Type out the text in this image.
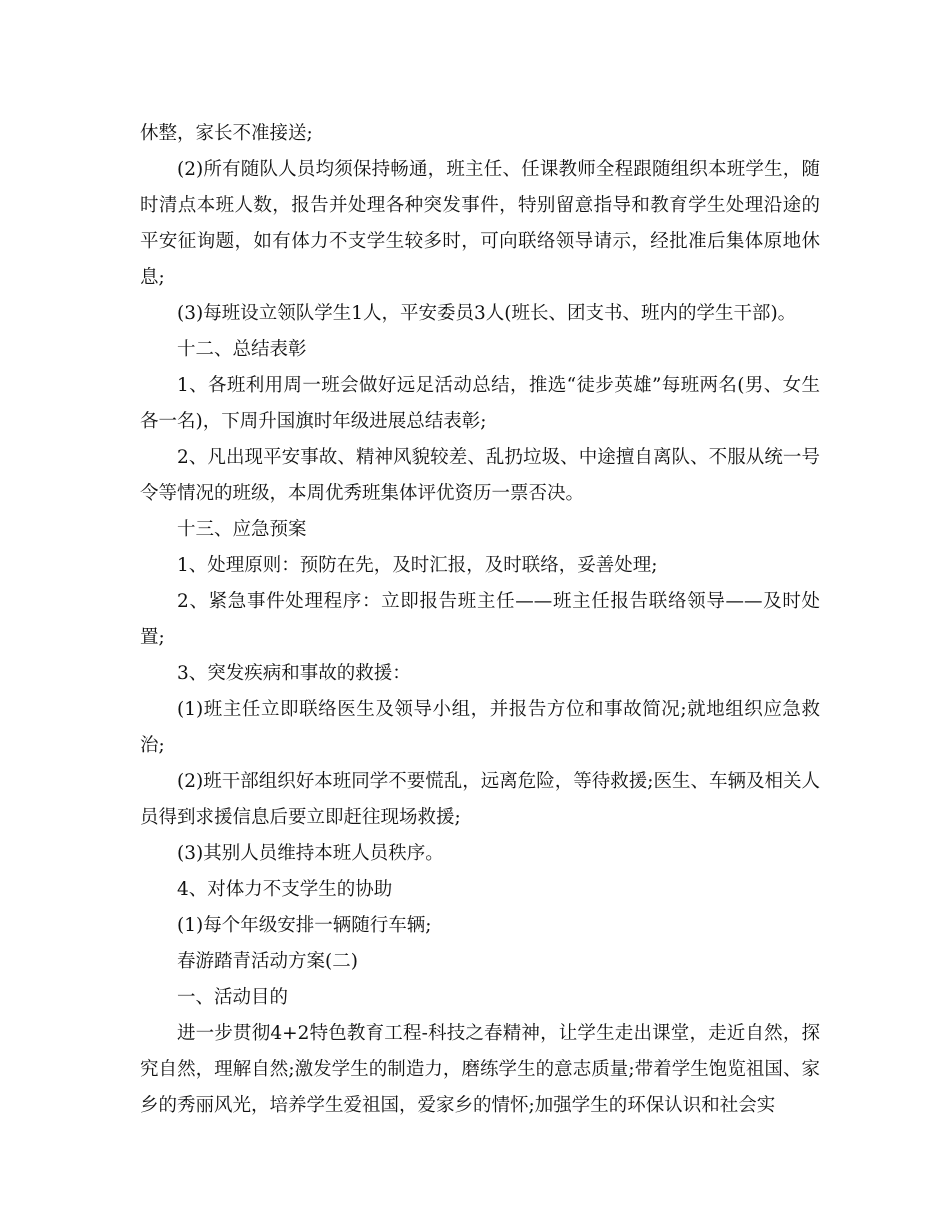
休整，家长不准接送;

(2)所有随队人员均须保持畅通，班主任、任课教师全程跟随组织本班学生，随时清点本班人数，报告并处理各种突发事件，特别留意指导和教育学生处理沿途的平安征询题，如有体力不支学生较多时，可向联络领导请示，经批准后集体原地休息;

(3)每班设立领队学生1人，平安委员3人(班长、团支书、班内的学生干部)。

十二、总结表彰

1、各班利用周一班会做好远足活动总结，推选“徒步英雄”每班两名(男、女生各一名)，下周升国旗时年级进展总结表彰;

2、凡出现平安事故、精神风貌较差、乱扔垃圾、中途擅自离队、不服从统一号令等情况的班级，本周优秀班集体评优资历一票否决。

十三、应急预案

1、处理原则：预防在先，及时汇报，及时联络，妥善处理;

2、紧急事件处理程序：立即报告班主任——班主任报告联络领导——及时处置;

3、突发疾病和事故的救援：

(1)班主任立即联络医生及领导小组，并报告方位和事故简况;就地组织应急救治;

(2)班干部组织好本班同学不要慌乱，远离危险，等待救援;医生、车辆及相关人员得到求援信息后要立即赶往现场救援;

(3)其别人员维持本班人员秩序。

4、对体力不支学生的协助

(1)每个年级安排一辆随行车辆;

春游踏青活动方案(二)

一、活动目的

进一步贯彻4+2特色教育工程-科技之春精神，让学生走出课堂，走近自然，探究自然，理解自然;激发学生的制造力，磨练学生的意志质量;带着学生饱览祖国、家乡的秀丽风光，培养学生爱祖国，爱家乡的情怀;加强学生的环保认识和社会实
